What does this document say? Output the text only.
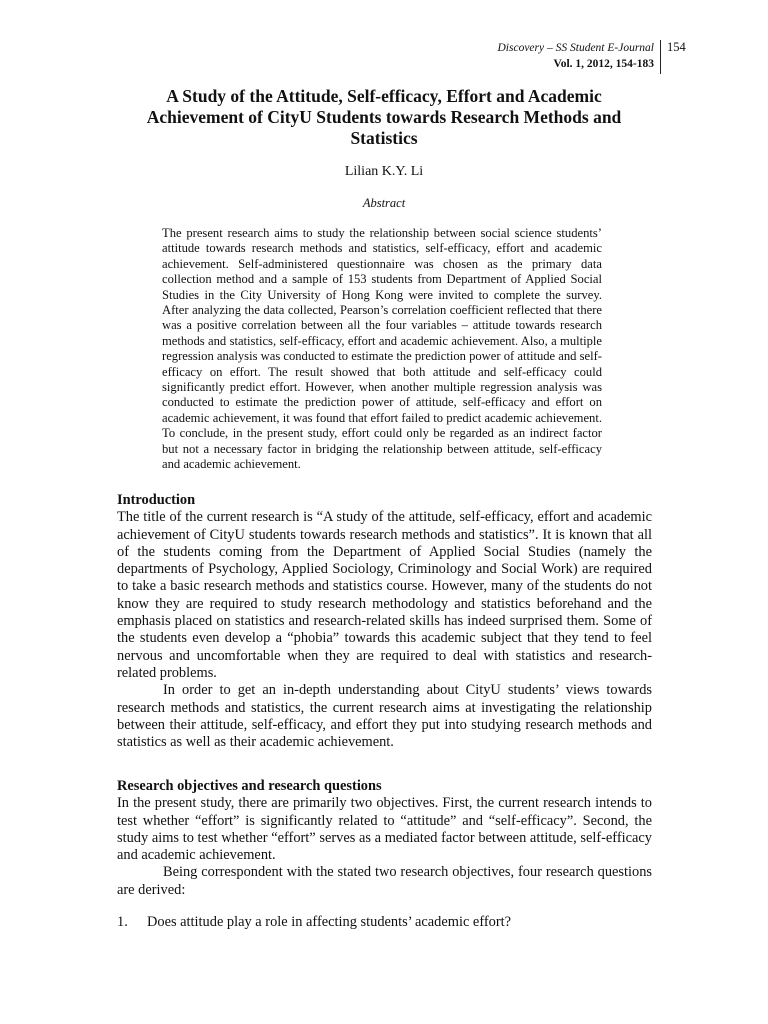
Discovery – SS Student E-Journal
Vol. 1, 2012, 154-183
154
A Study of the Attitude, Self-efficacy, Effort and Academic Achievement of CityU Students towards Research Methods and Statistics
Lilian K.Y. Li
Abstract

The present research aims to study the relationship between social science students’ attitude towards research methods and statistics, self-efficacy, effort and academic achievement. Self-administered questionnaire was chosen as the primary data collection method and a sample of 153 students from Department of Applied Social Studies in the City University of Hong Kong were invited to complete the survey. After analyzing the data collected, Pearson’s correlation coefficient reflected that there was a positive correlation between all the four variables – attitude towards research methods and statistics, self-efficacy, effort and academic achievement. Also, a multiple regression analysis was conducted to estimate the prediction power of attitude and self-efficacy on effort. The result showed that both attitude and self-efficacy could significantly predict effort. However, when another multiple regression analysis was conducted to estimate the prediction power of attitude, self-efficacy and effort on academic achievement, it was found that effort failed to predict academic achievement. To conclude, in the present study, effort could only be regarded as an indirect factor but not a necessary factor in bridging the relationship between attitude, self-efficacy and academic achievement.

Introduction

The title of the current research is “A study of the attitude, self-efficacy, effort and academic achievement of CityU students towards research methods and statistics”. It is known that all of the students coming from the Department of Applied Social Studies (namely the departments of Psychology, Applied Sociology, Criminology and Social Work) are required to take a basic research methods and statistics course. However, many of the students do not know they are required to study research methodology and statistics beforehand and the emphasis placed on statistics and research-related skills has indeed surprised them. Some of the students even develop a “phobia” towards this academic subject that they tend to feel nervous and uncomfortable when they are required to deal with statistics and research-related problems.

In order to get an in-depth understanding about CityU students’ views towards research methods and statistics, the current research aims at investigating the relationship between their attitude, self-efficacy, and effort they put into studying research methods and statistics as well as their academic achievement.

Research objectives and research questions

In the present study, there are primarily two objectives. First, the current research intends to test whether “effort” is significantly related to “attitude” and “self-efficacy”. Second, the study aims to test whether “effort” serves as a mediated factor between attitude, self-efficacy and academic achievement.

Being correspondent with the stated two research objectives, four research questions are derived:

1. Does attitude play a role in affecting students’ academic effort?
